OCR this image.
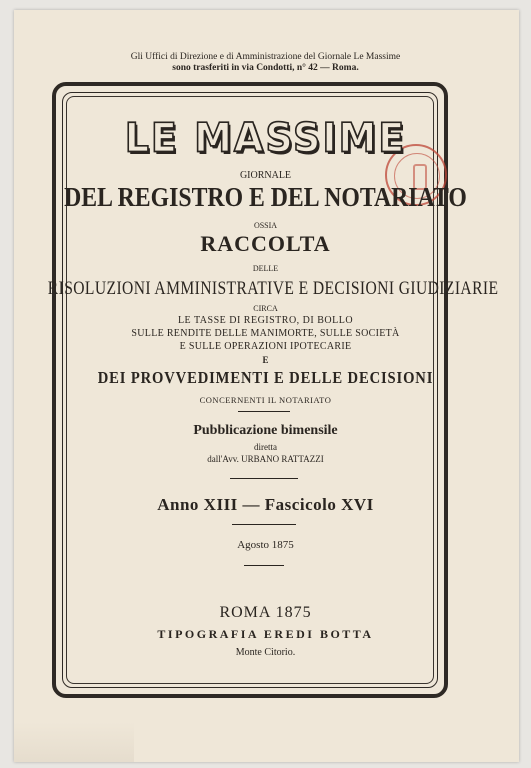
Gli Uffici di Direzione e di Amministrazione del Giornale Le Massime
sono trasferiti in via Condotti, n° 42 — Roma.
LE MASSIME
GIORNALE
DEL REGISTRO E DEL NOTARIATO
OSSIA
RACCOLTA
DELLE
RISOLUZIONI AMMINISTRATIVE E DECISIONI GIUDIZIARIE
CIRCA
LE TASSE DI REGISTRO, DI BOLLO
SULLE RENDITE DELLE MANIMORTE, SULLE SOCIETÀ
E SULLE OPERAZIONI IPOTECARIE
E
DEI PROVVEDIMENTI E DELLE DECISIONI
CONCERNENTI IL NOTARIATO
Pubblicazione bimensile
diretta
dall'Avv. URBANO RATTAZZI
Anno XIII — Fascicolo XVI
Agosto 1875
ROMA 1875
TIPOGRAFIA EREDI BOTTA
Monte Citorio.
